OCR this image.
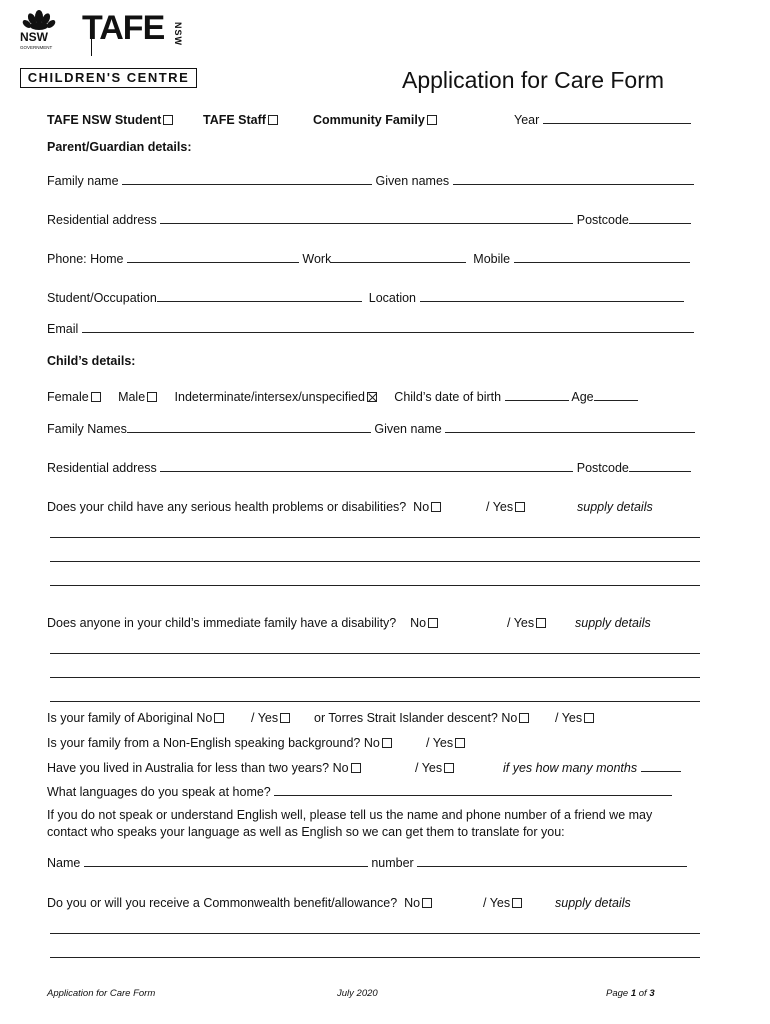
NSW
GOVERNMENT
TAFE NSW
CHILDREN'S CENTRE	Application for Care Form
TAFE NSW Student	TAFE Staff	Community Family	Year
Parent/Guardian details:
Family name	Given names
Residential address	Postcode
Phone: Home	Work	Mobile
Student/Occupation	Location
Email
Child’s details:
Female Male Indeterminate/intersex/unspecified Child’s date of birth	Age
Family Names	Given name
Residential address	Postcode
Does your child have any serious health problems or disabilities? No	/ Yes	supply details
Does anyone in your child’s immediate family have a disability? No	/ Yes	supply details
Is your family of Aboriginal No	/ Yes	or Torres Strait Islander descent? No	/ Yes
Is your family from a Non-English speaking background? No	/ Yes
Have you lived in Australia for less than two years? No	/ Yes	if yes how many months
What languages do you speak at home?
If you do not speak or understand English well, please tell us the name and phone number of a friend we may
contact who speaks your language as well as English so we can get them to translate for you:
Name	number
Do you or will you receive a Commonwealth benefit/allowance? No	/ Yes	supply details
Application for Care Form	July 2020	Page 1 of 3
